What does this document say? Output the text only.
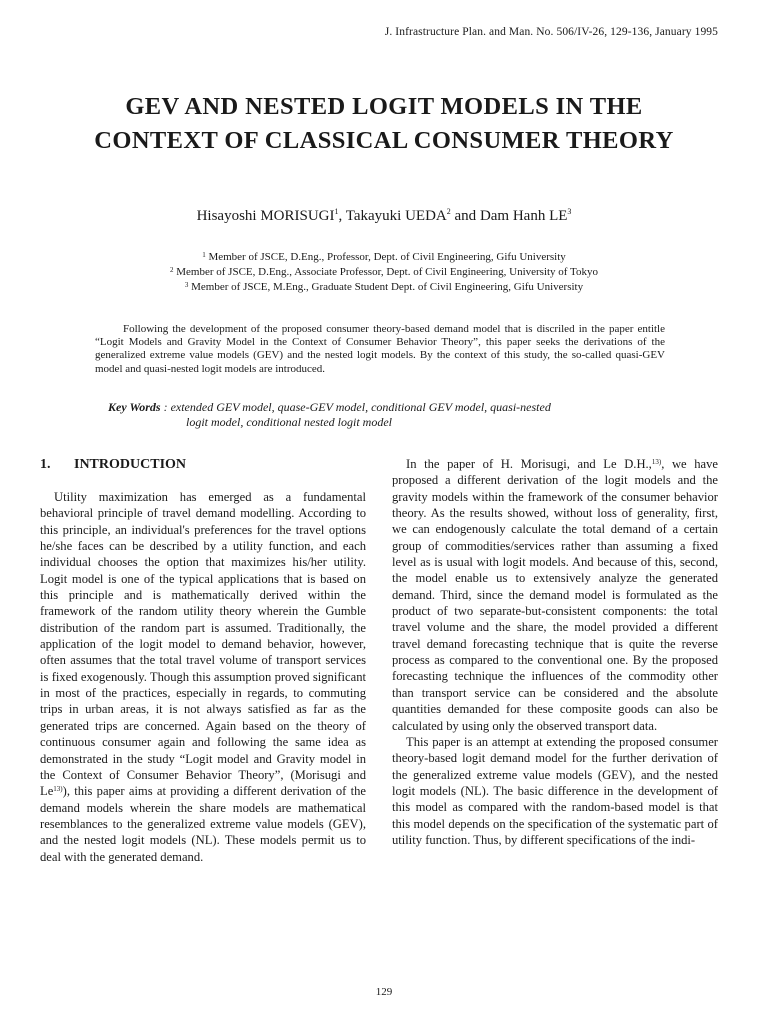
J. Infrastructure Plan. and Man. No. 506/IV-26, 129-136, January 1995
GEV AND NESTED LOGIT MODELS IN THE
CONTEXT OF CLASSICAL CONSUMER THEORY
Hisayoshi MORISUGI$^1$, Takayuki UEDA$^2$ and Dam Hanh $LE^3$
$^1$ Member of JSCE, D.Eng., Professor, Dept. of Civil Engineering, Gifu University
$^2$ Member of JSCE, D.Eng., Associate Professor, Dept. of Civil Engineering, University of Tokyo
$^3$ Member of JSCE, M.Eng., Graduate Student Dept. of Civil Engineering, Gifu University
Following the development of the proposed consumer theory-based demand model that is discriled in the paper entitle “Logit Models and Gravity Model in the Context of Consumer Behavior Theory”, this paper seeks the derivations of the generalized extreme value models (GEV) and the nested logit models. By the context of this study, the so-called quasi-GEV model and quasi-nested logit models are introduced.
Key Words : extended GEV model, quase-GEV model, conditional GEV model, quasi-nested
logit model, conditional nested logit model
1. INTRODUCTION

Utility maximization has emerged as a fundamental behavioral principle of travel demand modelling. According to this principle, an individual's preferences for the travel options he/she faces can be described by a utility function, and each individual chooses the option that maximizes his/her utility. Logit model is one of the typical applications that is based on this principle and is mathematically derived within the framework of the random utility theory wherein the Gumble distribution of the random part is assumed. Traditionally, the application of the logit model to demand behavior, however, often assumes that the total travel volume of transport services is fixed exogenously. Though this assumption proved significant in most of the practices, especially in regards, to commuting trips in urban areas, it is not always satisfied as far as the generated trips are concerned. Again based on the theory of continuous consumer again and following the same idea as demonstrated in the study “Logit model and Gravity model in the Context of Consumer Behavior Theory”, (Morisugi and Le$^{13)}$), this paper aims at providing a different derivation of the demand models wherein the share models are mathematical resemblances to the generalized extreme value models (GEV), and the nested logit models (NL). These models permit us to deal with the generated demand.

In the paper of H. Morisugi, and Le D.H.,$^{13)}$, we have proposed a different derivation of the logit models and the gravity models within the framework of the consumer behavior theory. As the results showed, without loss of generality, first, we can endogenously calculate the total demand of a certain group of commodities/services rather than assuming a fixed level as is usual with logit models. And because of this, second, the model enable us to extensively analyze the generated demand. Third, since the demand model is formulated as the product of two separate-but-consistent components: the total travel volume and the share, the model provided a different travel demand forecasting technique that is quite the reverse process as compared to the conventional one. By the proposed forecasting technique the influences of the commodity other than transport service can be considered and the absolute quantities demanded for these composite goods can also be calculated by using only the observed transport data.

This paper is an attempt at extending the proposed consumer theory-based logit demand model for the further derivation of the generalized extreme value models (GEV), and the nested logit models (NL). The basic difference in the development of this model as compared with the random-based model is that this model depends on the specification of the systematic part of utility function. Thus, by different specifications of the indi-

129
